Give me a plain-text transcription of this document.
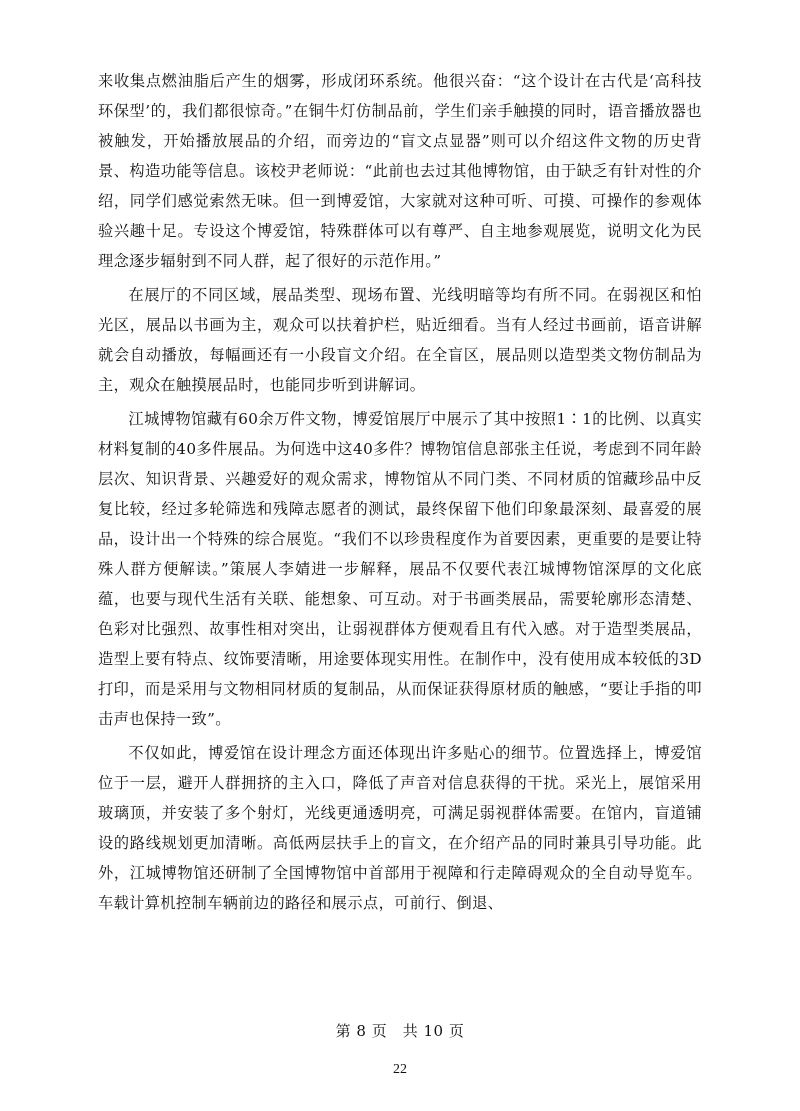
来收集点燃油脂后产生的烟雾，形成闭环系统。他很兴奋：“这个设计在古代是‘高科技环保型’的，我们都很惊奇。”在铜牛灯仿制品前，学生们亲手触摸的同时，语音播放器也被触发，开始播放展品的介绍，而旁边的“盲文点显器”则可以介绍这件文物的历史背景、构造功能等信息。该校尹老师说：“此前也去过其他博物馆，由于缺乏有针对性的介绍，同学们感觉索然无味。但一到博爱馆，大家就对这种可听、可摸、可操作的参观体验兴趣十足。专设这个博爱馆，特殊群体可以有尊严、自主地参观展览，说明文化为民理念逐步辐射到不同人群，起了很好的示范作用。”

在展厅的不同区域，展品类型、现场布置、光线明暗等均有所不同。在弱视区和怕光区，展品以书画为主，观众可以扶着护栏，贴近细看。当有人经过书画前，语音讲解就会自动播放，每幅画还有一小段盲文介绍。在全盲区，展品则以造型类文物仿制品为主，观众在触摸展品时，也能同步听到讲解词。

江城博物馆藏有60余万件文物，博爱馆展厅中展示了其中按照1∶1的比例、以真实材料复制的40多件展品。为何选中这40多件？博物馆信息部张主任说，考虑到不同年龄层次、知识背景、兴趣爱好的观众需求，博物馆从不同门类、不同材质的馆藏珍品中反复比较，经过多轮筛选和残障志愿者的测试，最终保留下他们印象最深刻、最喜爱的展品，设计出一个特殊的综合展览。“我们不以珍贵程度作为首要因素，更重要的是要让特殊人群方便解读。”策展人李婧进一步解释，展品不仅要代表江城博物馆深厚的文化底蕴，也要与现代生活有关联、能想象、可互动。对于书画类展品，需要轮廓形态清楚、色彩对比强烈、故事性相对突出，让弱视群体方便观看且有代入感。对于造型类展品，造型上要有特点、纹饰要清晰，用途要体现实用性。在制作中，没有使用成本较低的3D打印，而是采用与文物相同材质的复制品，从而保证获得原材质的触感，“要让手指的叩击声也保持一致”。

不仅如此，博爱馆在设计理念方面还体现出许多贴心的细节。位置选择上，博爱馆位于一层，避开人群拥挤的主入口，降低了声音对信息获得的干扰。采光上，展馆采用玻璃顶，并安装了多个射灯，光线更通透明亮，可满足弱视群体需要。在馆内，盲道铺设的路线规划更加清晰。高低两层扶手上的盲文，在介绍产品的同时兼具引导功能。此外，江城博物馆还研制了全国博物馆中首部用于视障和行走障碍观众的全自动导览车。车载计算机控制车辆前边的路径和展示点，可前行、倒退、

第 8 页　共 10 页
22
